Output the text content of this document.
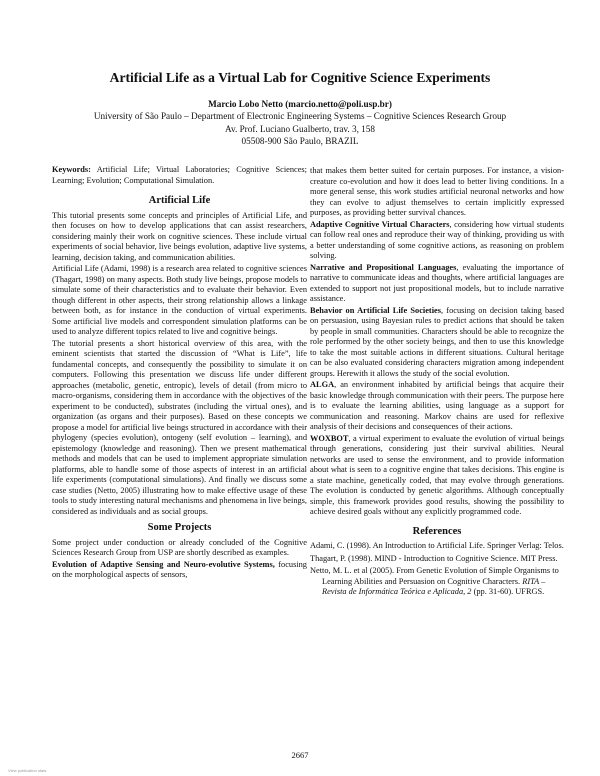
Artificial Life as a Virtual Lab for Cognitive Science Experiments
Marcio Lobo Netto (marcio.netto@poli.usp.br)
University of São Paulo – Department of Electronic Engineering Systems – Cognitive Sciences Research Group
Av. Prof. Luciano Gualberto, trav. 3, 158
05508-900 São Paulo, BRAZIL

Keywords: Artificial Life; Virtual Laboratories; Cognitive Sciences; Learning; Evolution; Computational Simulation.

Artificial Life

This tutorial presents some concepts and principles of Artificial Life, and then focuses on how to develop applications that can assist researchers, considering mainly their work on cognitive sciences. These include virtual experiments of social behavior, live beings evolution, adaptive live systems, learning, decision taking, and communication abilities.

Artificial Life (Adami, 1998) is a research area related to cognitive sciences (Thagart, 1998) on many aspects. Both study live beings, propose models to simulate some of their characteristics and to evaluate their behavior. Even though different in other aspects, their strong relationship allows a linkage between both, as for instance in the conduction of virtual experiments. Some artificial live models and correspondent simulation platforms can be used to analyze different topics related to live and cognitive beings.

The tutorial presents a short historical overview of this area, with the eminent scientists that started the discussion of “What is Life”, life fundamental concepts, and consequently the possibility to simulate it on computers. Following this presentation we discuss life under different approaches (metabolic, genetic, entropic), levels of detail (from micro to macro-organisms, considering them in accordance with the objectives of the experiment to be conducted), substrates (including the virtual ones), and organization (as organs and their purposes). Based on these concepts we propose a model for artificial live beings structured in accordance with their phylogeny (species evolution), ontogeny (self evolution – learning), and epistemology (knowledge and reasoning). Then we present mathematical methods and models that can be used to implement appropriate simulation platforms, able to handle some of those aspects of interest in an artificial life experiments (computational simulations). And finally we discuss some case studies (Netto, 2005) illustrating how to make effective usage of these tools to study interesting natural mechanisms and phenomena in live beings, considered as individuals and as social groups.

Some Projects

Some project under conduction or already concluded of the Cognitive Sciences Research Group from USP are shortly described as examples.

Evolution of Adaptive Sensing and Neuro-evolutive Systems, focusing on the morphological aspects of sensors,

that makes them better suited for certain purposes. For instance, a vision-creature co-evolution and how it does lead to better living conditions. In a more general sense, this work studies artificial neuronal networks and how they can evolve to adjust themselves to certain implicitly expressed purposes, as providing better survival chances.

Adaptive Cognitive Virtual Characters, considering how virtual students can follow real ones and reproduce their way of thinking, providing us with a better understanding of some cognitive actions, as reasoning on problem solving.

Narrative and Propositional Languages, evaluating the importance of narrative to communicate ideas and thoughts, where artificial languages are extended to support not just propositional models, but to include narrative assistance.

Behavior on Artificial Life Societies, focusing on decision taking based on persuasion, using Bayesian rules to predict actions that should be taken by people in small communities. Characters should be able to recognize the role performed by the other society beings, and then to use this knowledge to take the most suitable actions in different situations. Cultural heritage can be also evaluated considering characters migration among independent groups. Herewith it allows the study of the social evolution.

ALGA, an environment inhabited by artificial beings that acquire their basic knowledge through communication with their peers. The purpose here is to evaluate the learning abilities, using language as a support for communication and reasoning. Markov chains are used for reflexive analysis of their decisions and consequences of their actions.

WOXBOT, a virtual experiment to evaluate the evolution of virtual beings through generations, considering just their survival abilities. Neural networks are used to sense the environment, and to provide information about what is seen to a cognitive engine that takes decisions. This engine is a state machine, genetically coded, that may evolve through generations. The evolution is conducted by genetic algorithms. Although conceptually simple, this framework provides good results, showing the possibility to achieve desired goals without any explicitly programmed code.

References

Adami, C. (1998). An Introduction to Artificial Life. Springer Verlag: Telos.

Thagart, P. (1998). MIND - Introduction to Cognitive Science. MIT Press.

Netto, M. L. et al (2005). From Genetic Evolution of Simple Organisms to Learning Abilities and Persuasion on Cognitive Characters. RITA – Revista de Informática Teórica e Aplicada, 2 (pp. 31-60). UFRGS.

2667
View publication stats
